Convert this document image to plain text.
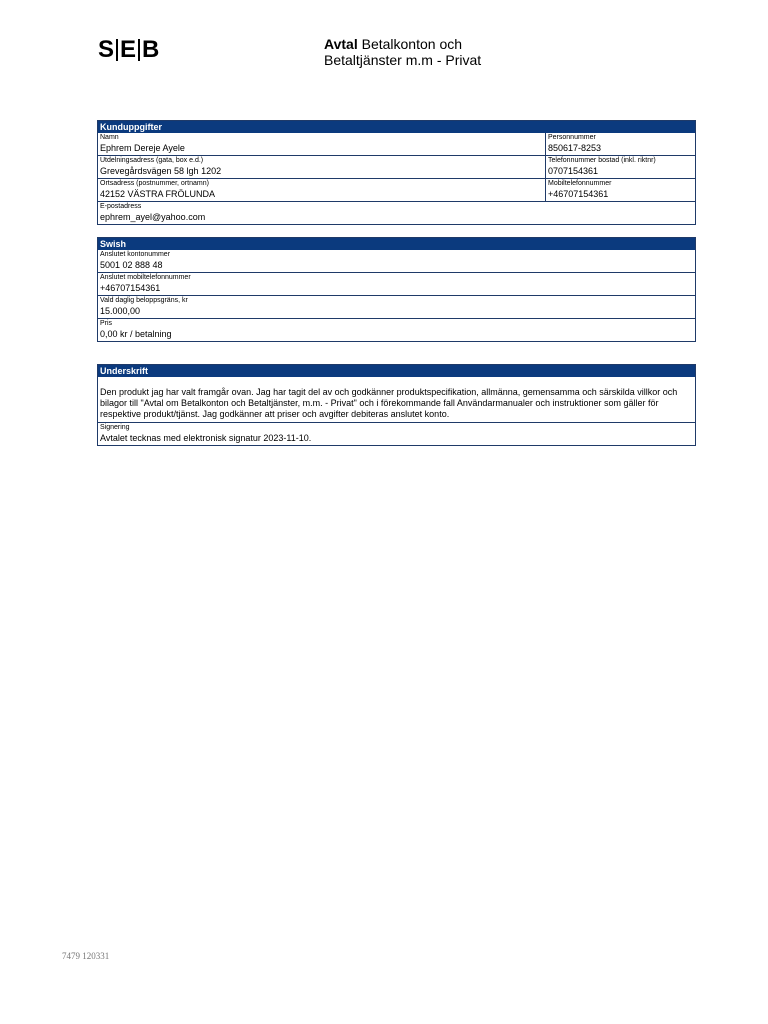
S E B	Avtal Betalkonton och
Betaltjänster m.m - Privat
Kunduppgifter
Namn
Ephrem Dereje Ayele
Personnummer
850617-8253
Utdelningsadress (gata, box e.d.)
Grevegårdsvägen 58 lgh 1202
Telefonnummer bostad (inkl. riktnr)
0707154361
Ortsadress (postnummer, ortnamn)
42152 VÄSTRA FRÖLUNDA
Mobiltelefonnummer
+46707154361
E-postadress
ephrem_ayel@yahoo.com
Swish
Anslutet kontonummer
5001 02 888 48
Anslutet mobiltelefonnummer
+46707154361
Vald daglig beloppsgräns, kr
15.000,00
Pris
0,00 kr / betalning
Underskrift
Den produkt jag har valt framgår ovan. Jag har tagit del av och godkänner produktspecifikation, allmänna, gemensamma och särskilda villkor och bilagor till "Avtal om Betalkonton och Betaltjänster, m.m. - Privat" och i förekommande fall Användarmanualer och instruktioner som gäller för respektive produkt/tjänst. Jag godkänner att priser och avgifter debiteras anslutet konto.
Signering
Avtalet tecknas med elektronisk signatur 2023-11-10.
7479 120331
